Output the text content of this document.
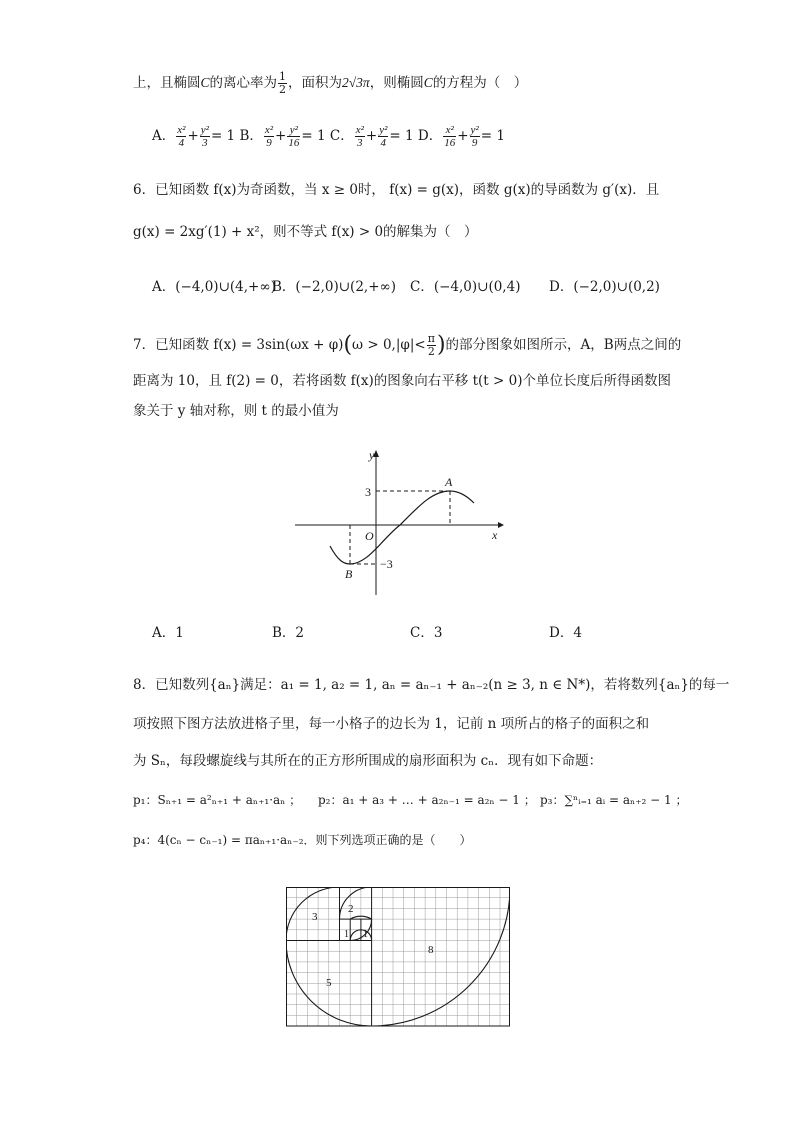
上，且椭圆C的离心率为 $\frac{1}{2}$ ，面积为2√3π，则椭圆C的方程为（　）
A． $\frac{\text{x²}}{4} + \frac{\text{y²}}{3} = 1$ B． $\frac{\text{x²}}{9} + \frac{\text{y²}}{16} = 1$ C． $\frac{\text{x²}}{3} + \frac{\text{y²}}{4} = 1$ D． $\frac{\text{x²}}{16} + \frac{\text{y²}}{9} = 1$
6．已知函数 f(x)为奇函数，当 x ≥ 0时， f(x) = g(x)，函数 g(x)的导函数为 g′(x)．且
g(x) = 2xg′(1) + x²，则不等式 f(x) > 0的解集为（　）
A．(−4,0)∪(4,+∞)
B．(−2,0)∪(2,+∞) C．(−4,0)∪(0,4) D．(−2,0)∪(0,2)
7．已知函数 $f(x) = 3\sin(\omega x + \varphi)(\omega > 0,|\varphi|< \frac{\pi}{2}$ )的部分图象如图所示，A，B两点之间的
距离为 10，且 f(2) = 0，若将函数 f(x)的图象向右平移 t(t > 0)个单位长度后所得函数图
象关于 y 轴对称，则 t 的最小值为
y
x
O
3
−3
A
B
A．1	B．2	C．3	D．4
8．已知数列{aₙ}满足：a₁ = 1, a₂ = 1, aₙ = aₙ₋₁ + aₙ₋₂(n ≥ 3, n ∈ N*)，若将数列{aₙ}的每一
项按照下图方法放进格子里，每一小格子的边长为 1，记前 n 项所占的格子的面积之和
为 Sₙ，每段螺旋线与其所在的正方形所围成的扇形面积为 cₙ．现有如下命题：
p₁：Sₙ₊₁ = a²ₙ₊₁ + aₙ₊₁·aₙ ； p₂：a₁ + a₃ + … + a₂ₙ₋₁ = a₂ₙ − 1 ； p₃：∑ⁿᵢ₌₁ aᵢ = aₙ₊₂ − 1 ；
p₄：4(cₙ − cₙ₋₁) = πaₙ₊₁·aₙ₋₂．则下列选项正确的是（　　）
3
2
1 1
5
8
